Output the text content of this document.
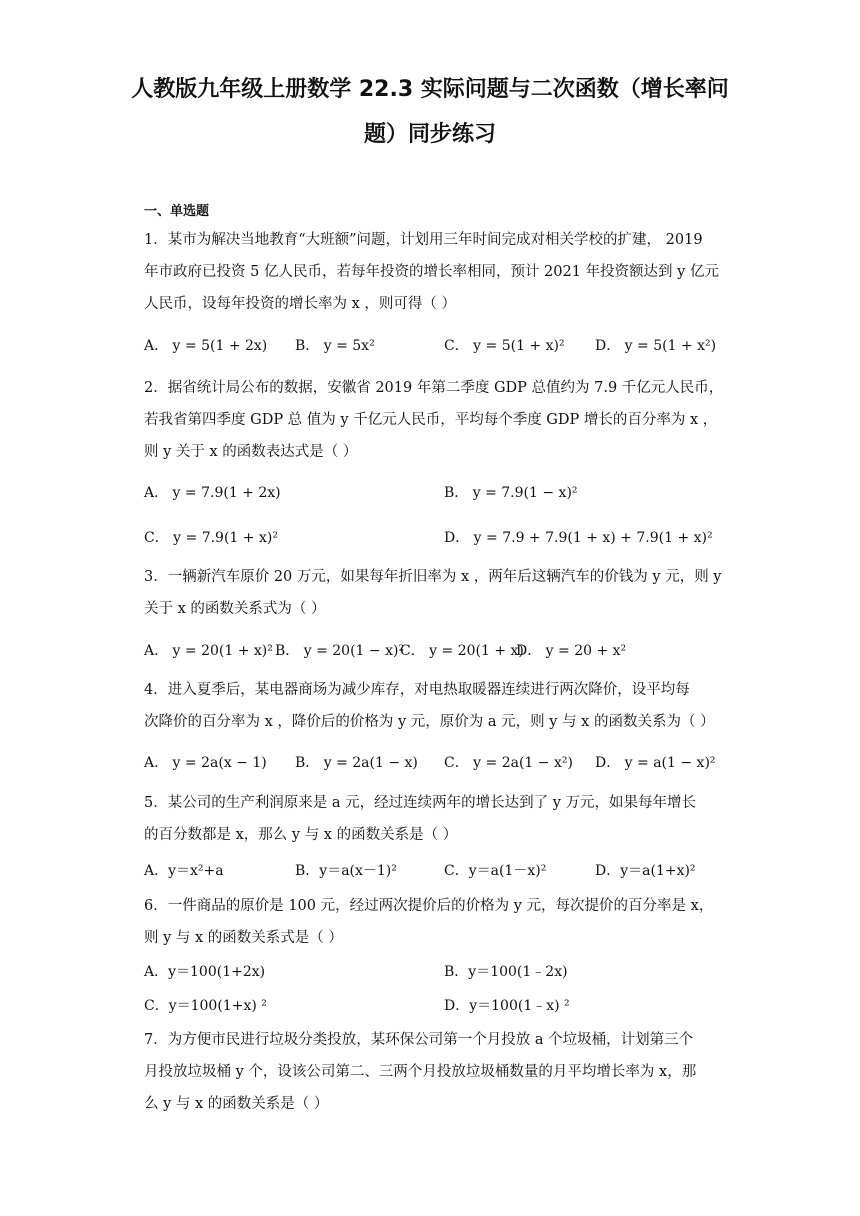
人教版九年级上册数学 22.3 实际问题与二次函数（增长率问
题）同步练习
一、单选题
1．某市为解决当地教育“大班额”问题，计划用三年时间完成对相关学校的扩建， 2019
年市政府已投资 5 亿人民币，若每年投资的增长率相同，预计 2021 年投资额达到 y 亿元
人民币，设每年投资的增长率为 x ，则可得（ ）
A． y = 5(1 + 2x) B． y = 5x²	C． y = 5(1 + x)² D． y = 5(1 + x²)
2．据省统计局公布的数据，安徽省 2019 年第二季度 GDP 总值约为 7.9 千亿元人民币，
若我省第四季度 GDP 总 值为 y 千亿元人民币，平均每个季度 GDP 增长的百分率为 x ，
则 y 关于 x 的函数表达式是（ ）
A． y = 7.9(1 + 2x)	B． y = 7.9(1 − x)²
C． y = 7.9(1 + x)²	D． y = 7.9 + 7.9(1 + x) + 7.9(1 + x)²
3．一辆新汽车原价 20 万元，如果每年折旧率为 x ，两年后这辆汽车的价钱为 y 元，则 y
关于 x 的函数关系式为（ ）
A． y = 20(1 + x)² B． y = 20(1 − x)²
C． y = 20(1 + x)
D． y = 20 + x²
4．进入夏季后，某电器商场为减少库存，对电热取暖器连续进行两次降价，设平均每
次降价的百分率为 x ，降价后的价格为 y 元，原价为 a 元，则 y 与 x 的函数关系为（ ）
A． y = 2a(x − 1) B． y = 2a(1 − x) C． y = 2a(1 − x²) D． y = a(1 − x)²
5．某公司的生产利润原来是 a 元，经过连续两年的增长达到了 y 万元，如果每年增长
的百分数都是 x，那么 y 与 x 的函数关系是（ ）
A．y＝x²+a	B．y＝a(x－1)²	C．y＝a(1－x)²	D．y＝a(1+x)²
6．一件商品的原价是 100 元，经过两次提价后的价格为 y 元，每次提价的百分率是 x，
则 y 与 x 的函数关系式是（ ）
A．y＝100(1+2x)	B．y＝100(1﹣2x)
C．y＝100(1+x) ²	D．y＝100(1﹣x) ²
7．为方便市民进行垃圾分类投放，某环保公司第一个月投放 a 个垃圾桶，计划第三个
月投放垃圾桶 y 个，设该公司第二、三两个月投放垃圾桶数量的月平均增长率为 x，那
么 y 与 x 的函数关系是（ ）
